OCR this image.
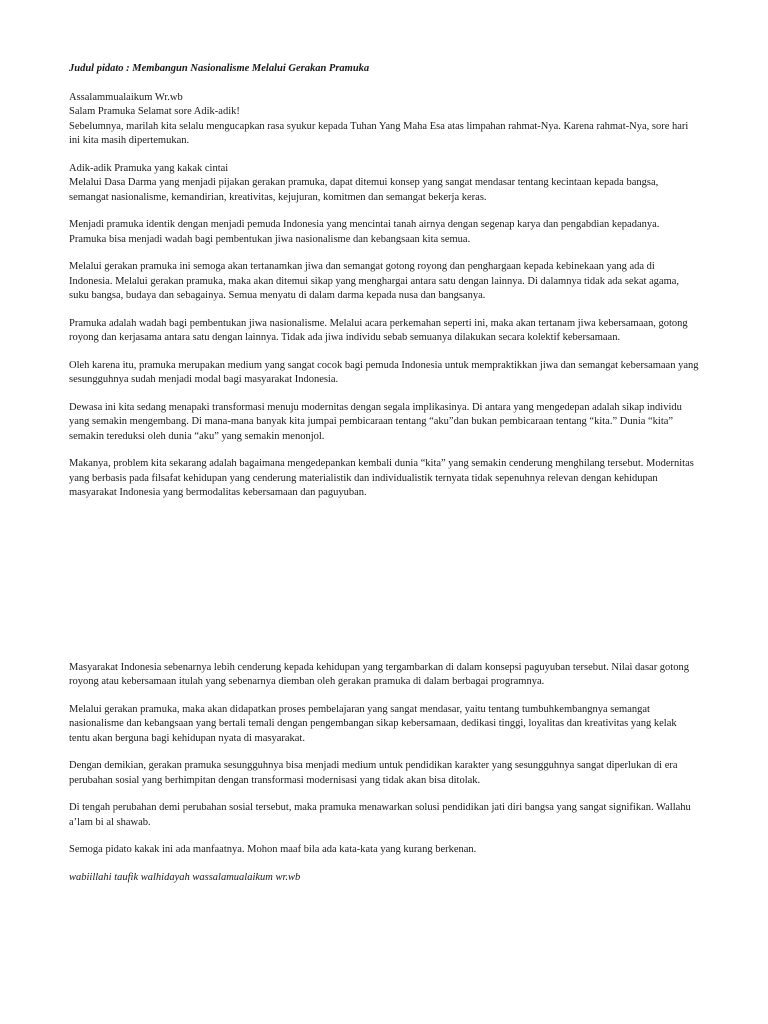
Judul pidato : Membangun Nasionalisme Melalui Gerakan Pramuka

Assalammualaikum Wr.wb

Salam Pramuka Selamat sore Adik-adik!

Sebelumnya, marilah kita selalu mengucapkan rasa syukur kepada Tuhan Yang Maha Esa atas limpahan rahmat-Nya. Karena rahmat-Nya, sore hari ini kita masih dipertemukan.

Adik-adik Pramuka yang kakak cintai

Melalui Dasa Darma yang menjadi pijakan gerakan pramuka, dapat ditemui konsep yang sangat mendasar tentang kecintaan kepada bangsa, semangat nasionalisme, kemandirian, kreativitas, kejujuran, komitmen dan semangat bekerja keras.

Menjadi pramuka identik dengan menjadi pemuda Indonesia yang mencintai tanah airnya dengan segenap karya dan pengabdian kepadanya. Pramuka bisa menjadi wadah bagi pembentukan jiwa nasionalisme dan kebangsaan kita semua.

Melalui gerakan pramuka ini semoga akan tertanamkan jiwa dan semangat gotong royong dan penghargaan kepada kebinekaan yang ada di Indonesia. Melalui gerakan pramuka, maka akan ditemui sikap yang menghargai antara satu dengan lainnya. Di dalamnya tidak ada sekat agama, suku bangsa, budaya dan sebagainya. Semua menyatu di dalam darma kepada nusa dan bangsanya.

Pramuka adalah wadah bagi pembentukan jiwa nasionalisme. Melalui acara perkemahan seperti ini, maka akan tertanam jiwa kebersamaan, gotong royong dan kerjasama antara satu dengan lainnya. Tidak ada jiwa individu sebab semuanya dilakukan secara kolektif kebersamaan.

Oleh karena itu, pramuka merupakan medium yang sangat cocok bagi pemuda Indonesia untuk mempraktikkan jiwa dan semangat kebersamaan yang sesungguhnya sudah menjadi modal bagi masyarakat Indonesia.

Dewasa ini kita sedang menapaki transformasi menuju modernitas dengan segala implikasinya. Di antara yang mengedepan adalah sikap individu yang semakin mengembang. Di mana-mana banyak kita jumpai pembicaraan tentang “aku”dan bukan pembicaraan tentang “kita.” Dunia “kita” semakin tereduksi oleh dunia “aku” yang semakin menonjol.

Makanya, problem kita sekarang adalah bagaimana mengedepankan kembali dunia “kita” yang semakin cenderung menghilang tersebut. Modernitas yang berbasis pada filsafat kehidupan yang cenderung materialistik dan individualistik ternyata tidak sepenuhnya relevan dengan kehidupan masyarakat Indonesia yang bermodalitas kebersamaan dan paguyuban.

Masyarakat Indonesia sebenarnya lebih cenderung kepada kehidupan yang tergambarkan di dalam konsepsi paguyuban tersebut. Nilai dasar gotong royong atau kebersamaan itulah yang sebenarnya diemban oleh gerakan pramuka di dalam berbagai programnya.

Melalui gerakan pramuka, maka akan didapatkan proses pembelajaran yang sangat mendasar, yaitu tentang tumbuhkembangnya semangat nasionalisme dan kebangsaan yang bertali temali dengan pengembangan sikap kebersamaan, dedikasi tinggi, loyalitas dan kreativitas yang kelak tentu akan berguna bagi kehidupan nyata di masyarakat.

Dengan demikian, gerakan pramuka sesungguhnya bisa menjadi medium untuk pendidikan karakter yang sesungguhnya sangat diperlukan di era perubahan sosial yang berhimpitan dengan transformasi modernisasi yang tidak akan bisa ditolak.

Di tengah perubahan demi perubahan sosial tersebut, maka pramuka menawarkan solusi pendidikan jati diri bangsa yang sangat signifikan. Wallahu a’lam bi al shawab.

Semoga pidato kakak ini ada manfaatnya. Mohon maaf bila ada kata-kata yang kurang berkenan.

wabiillahi taufik walhidayah wassalamualaikum wr.wb
